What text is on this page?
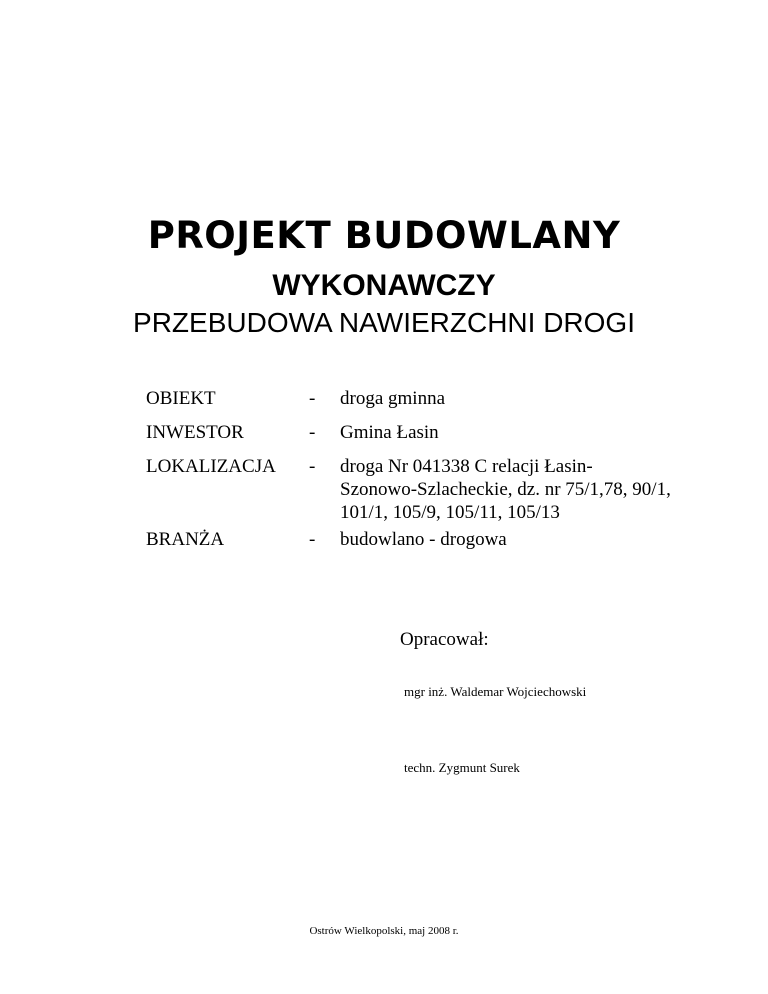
PROJEKT BUDOWLANY
WYKONAWCZY
PRZEBUDOWA NAWIERZCHNI DROGI
OBIEKT	- droga gminna
INWESTOR	- Gmina Łasin
LOKALIZACJA - droga Nr 041338 C relacji Łasin-
Szonowo-Szlacheckie, dz. nr 75/1,78, 90/1,
101/1, 105/9, 105/11, 105/13
BRANŻA	- budowlano - drogowa
Opracował:
mgr inż. Waldemar Wojciechowski
techn. Zygmunt Surek
Ostrów Wielkopolski, maj 2008 r.
